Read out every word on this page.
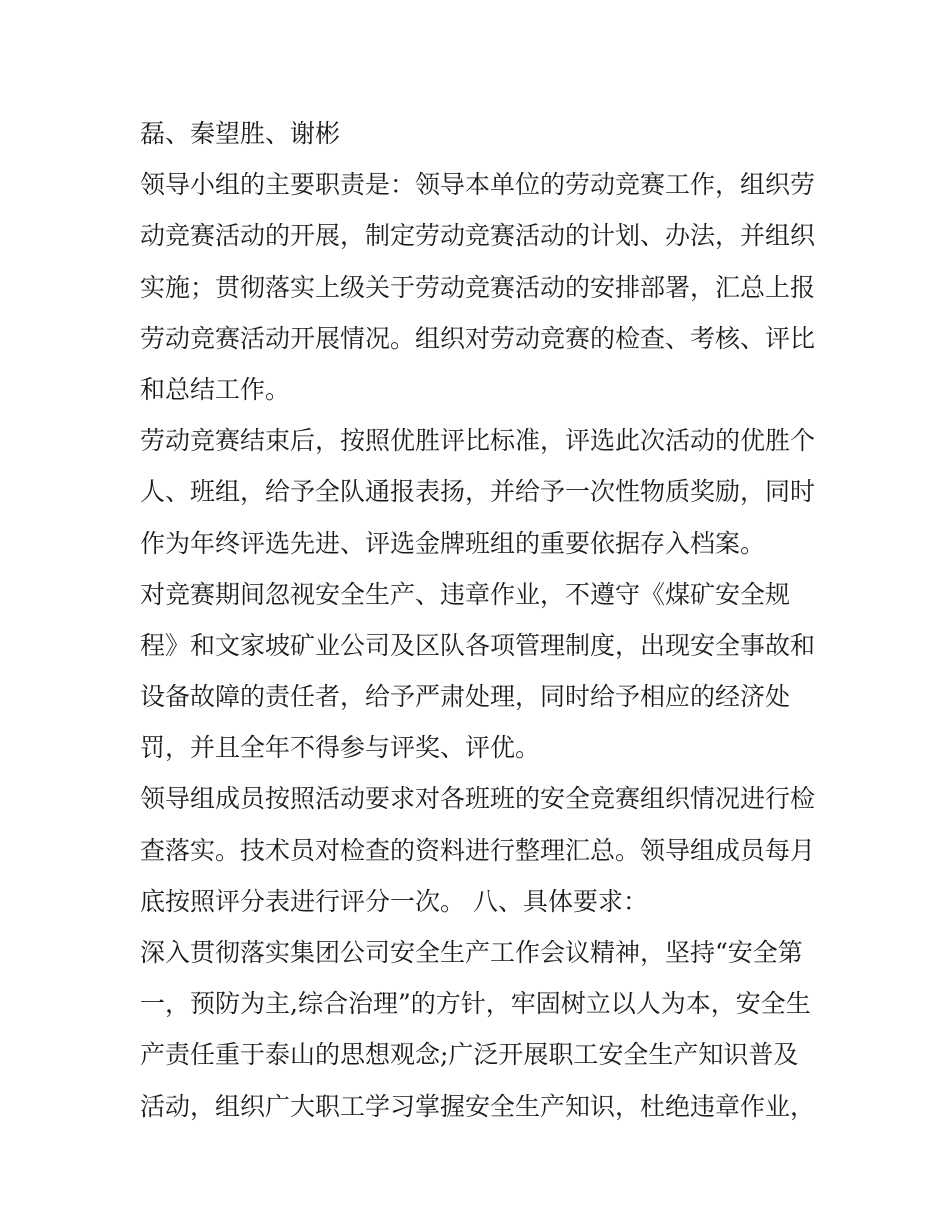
磊、秦望胜、谢彬
领导小组的主要职责是：领导本单位的劳动竞赛工作，组织劳
动竞赛活动的开展，制定劳动竞赛活动的计划、办法，并组织
实施；贯彻落实上级关于劳动竞赛活动的安排部署，汇总上报
劳动竞赛活动开展情况。组织对劳动竞赛的检查、考核、评比
和总结工作。
劳动竞赛结束后，按照优胜评比标准，评选此次活动的优胜个
人、班组，给予全队通报表扬，并给予一次性物质奖励，同时
作为年终评选先进、评选金牌班组的重要依据存入档案。
对竞赛期间忽视安全生产、违章作业，不遵守《煤矿安全规
程》和文家坡矿业公司及区队各项管理制度，出现安全事故和
设备故障的责任者，给予严肃处理，同时给予相应的经济处
罚，并且全年不得参与评奖、评优。
领导组成员按照活动要求对各班班的安全竞赛组织情况进行检
查落实。技术员对检查的资料进行整理汇总。领导组成员每月
底按照评分表进行评分一次。 八、具体要求：
深入贯彻落实集团公司安全生产工作会议精神，坚持“安全第
一，预防为主,综合治理”的方针，牢固树立以人为本，安全生
产责任重于泰山的思想观念;广泛开展职工安全生产知识普及
活动，组织广大职工学习掌握安全生产知识，杜绝违章作业，
